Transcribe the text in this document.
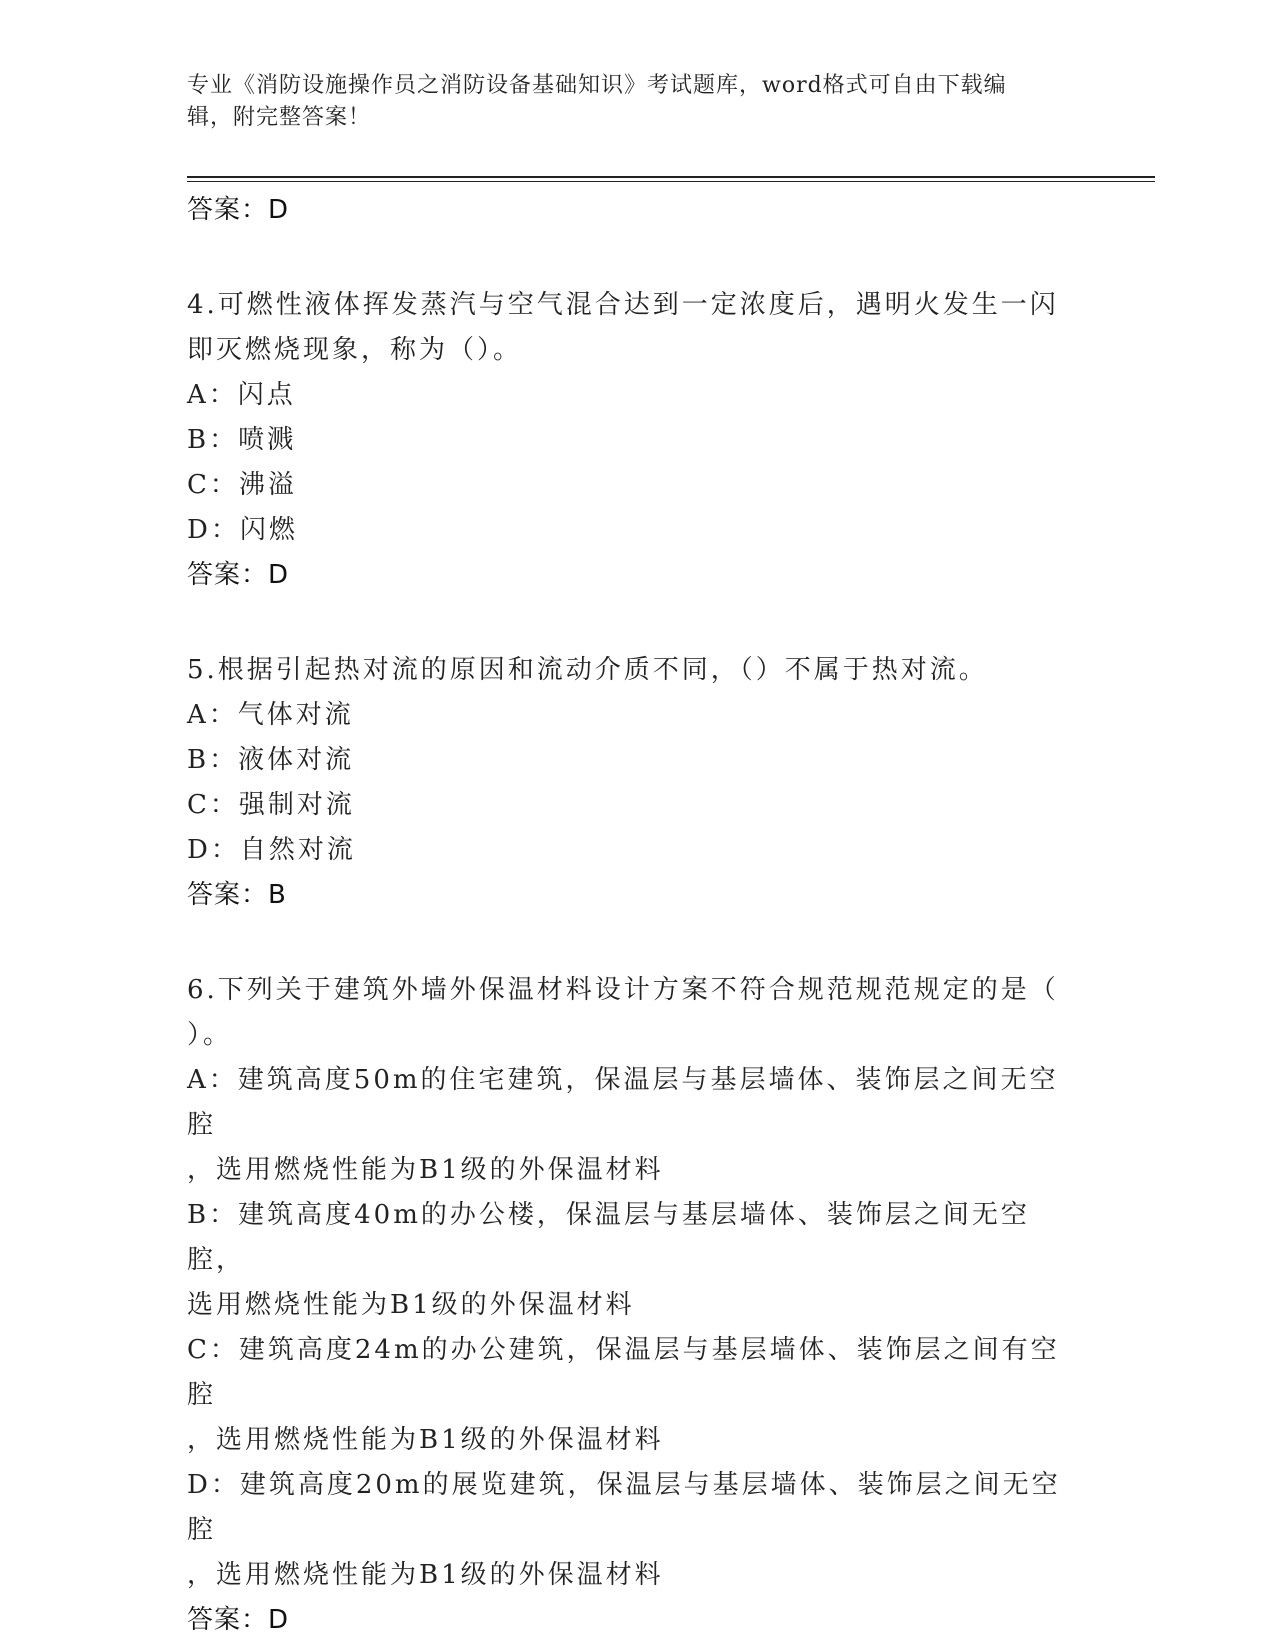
专业《消防设施操作员之消防设备基础知识》考试题库，word格式可自由下载编
辑，附完整答案！
答案：D
4.可燃性液体挥发蒸汽与空气混合达到一定浓度后，遇明火发生一闪
即灭燃烧现象，称为（）。
A：闪点
B：喷溅
C：沸溢
D：闪燃
答案：D
5.根据引起热对流的原因和流动介质不同，（）不属于热对流。
A：气体对流
B：液体对流
C：强制对流
D：自然对流
答案：B
6.下列关于建筑外墙外保温材料设计方案不符合规范规范规定的是（
）。
A：建筑高度50m的住宅建筑，保温层与基层墙体、装饰层之间无空腔
，选用燃烧性能为B1级的外保温材料
B：建筑高度40m的办公楼，保温层与基层墙体、装饰层之间无空腔，
选用燃烧性能为B1级的外保温材料
C：建筑高度24m的办公建筑，保温层与基层墙体、装饰层之间有空腔
，选用燃烧性能为B1级的外保温材料
D：建筑高度20m的展览建筑，保温层与基层墙体、装饰层之间无空腔
，选用燃烧性能为B1级的外保温材料
答案：D
